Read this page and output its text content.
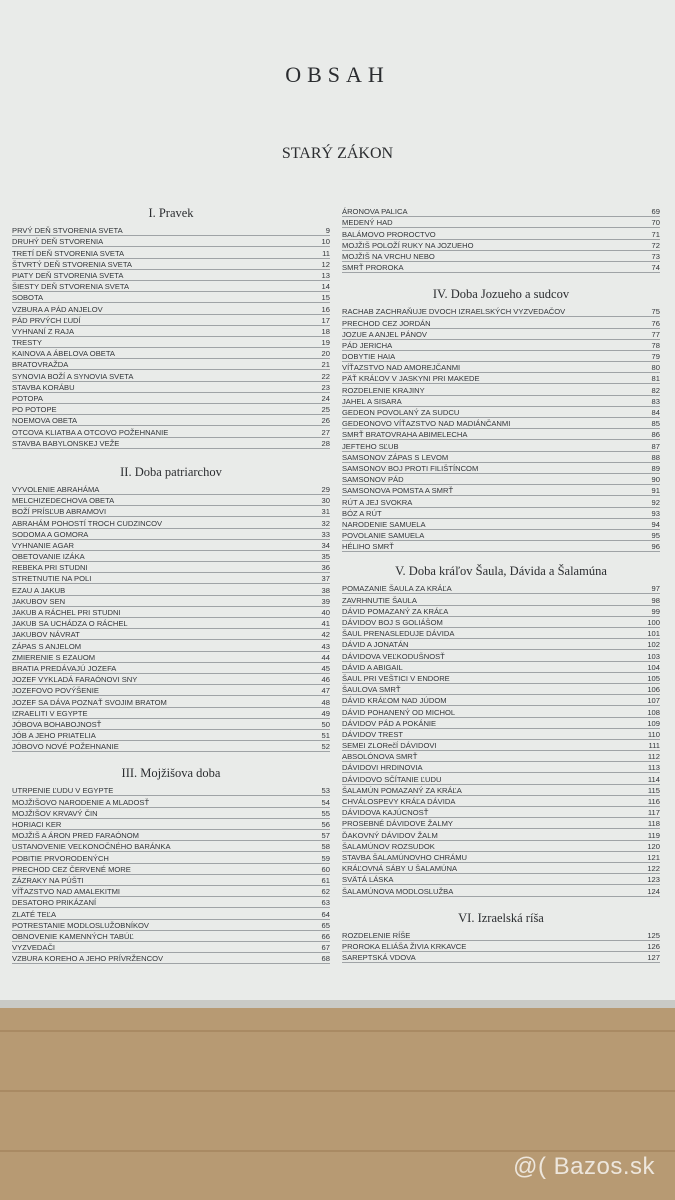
OBSAH
STARÝ ZÁKON
I. Pravek
PRVÝ DEŇ STVORENIA SVETA	9
DRUHÝ DEŇ STVORENIA	10
TRETÍ DEŇ STVORENIA SVETA	11
ŠTVRTÝ DEŇ STVORENIA SVETA	12
PIATY DEŇ STVORENIA SVETA	13
ŠIESTY DEŇ STVORENIA SVETA	14
SOBOTA	15
VZBURA A PÁD ANJELOV	16
PÁD PRVÝCH ĽUDÍ	17
VYHNANÍ Z RAJA	18
TRESTY	19
KAINOVA A ÁBELOVA OBETA	20
BRATOVRAŽDA	21
SYNOVIA BOŽÍ A SYNOVIA SVETA	22
STAVBA KORÁBU	23
POTOPA	24
PO POTOPE	25
NOEMOVA OBETA	26
OTCOVA KLIATBA A OTCOVO POŽEHNANIE	27
STAVBA BABYLONSKEJ VEŽE	28
II. Doba patriarchov
VYVOLENIE ABRAHÁMA	29
MELCHIZEDECHOVA OBETA	30
BOŽÍ PRÍSĽUB ABRAMOVI	31
ABRAHÁM POHOSTÍ TROCH CUDZINCOV	32
SODOMA A GOMORA	33
VYHNANIE AGAR	34
OBETOVANIE IZÁKA	35
REBEKA PRI STUDNI	36
STRETNUTIE NA POLI	37
EZAU A JAKUB	38
JAKUBOV SEN	39
JAKUB A RÁCHEL PRI STUDNI	40
JAKUB SA UCHÁDZA O RÁCHEL	41
JAKUBOV NÁVRAT	42
ZÁPAS S ANJELOM	43
ZMIERENIE S EZAUOM	44
BRATIA PREDÁVAJÚ JOZEFA	45
JOZEF VYKLADÁ FARAÓNOVI SNY	46
JOZEFOVO POVÝŠENIE	47
JOZEF SA DÁVA POZNAŤ SVOJIM BRATOM	48
IZRAELITI V EGYPTE	49
JÓBOVA BOHABOJNOSŤ	50
JÓB A JEHO PRIATELIA	51
JÓBOVO NOVÉ POŽEHNANIE	52
III. Mojžišova doba
UTRPENIE ĽUDU V EGYPTE	53
MOJŽIŠOVO NARODENIE A MLADOSŤ	54
MOJŽIŠOV KRVAVÝ ČIN	55
HORIACI KER	56
MOJŽIŠ A ÁRON PRED FARAÓNOM	57
USTANOVENIE VEĽKONOČNÉHO BARÁNKA	58
POBITIE PRVORODENÝCH	59
PRECHOD CEZ ČERVENÉ MORE	60
ZÁZRAKY NA PÚŠTI	61
VÍŤAZSTVO NAD AMALEKITMI	62
DESATORO PRIKÁZANÍ	63
ZLATÉ TEĽA	64
POTRESTANIE MODLOSLUŽOBNÍKOV	65
OBNOVENIE KAMENNÝCH TABÚĽ	66
VYZVEDAČI	67
VZBURA KOREHO A JEHO PRÍVRŽENCOV	68
ÁRONOVA PALICA	69
MEDENÝ HAD	70
BALÁMOVO PROROCTVO	71
MOJŽIŠ POLOŽÍ RUKY NA JOZUEHO	72
MOJŽIŠ NA VRCHU NEBO	73
SMRŤ PROROKA	74
IV. Doba Jozueho a sudcov
RACHAB ZACHRAŇUJE DVOCH IZRAELSKÝCH VYZVEDAČOV	75
PRECHOD CEZ JORDÁN	76
JOZUE A ANJEL PÁNOV	77
PÁD JERICHA	78
DOBYTIE HAIA	79
VÍŤAZSTVO NAD AMOREJČANMI	80
PÄŤ KRÁĽOV V JASKYNI PRI MAKEDE	81
ROZDELENIE KRAJINY	82
JAHEL A SISARA	83
GEDEON POVOLANÝ ZA SUDCU	84
GEDEONOVO VÍŤAZSTVO NAD MADIÁNČANMI	85
SMRŤ BRATOVRAHA ABIMELECHA	86
JEFTEHO SĽUB	87
SAMSONOV ZÁPAS S LEVOM	88
SAMSONOV BOJ PROTI FILIŠTÍNCOM	89
SAMSONOV PÁD	90
SAMSONOVA POMSTA A SMRŤ	91
RÚT A JEJ SVOKRA	92
BÓZ A RÚT	93
NARODENIE SAMUELA	94
POVOLANIE SAMUELA	95
HÉLIHO SMRŤ	96
V. Doba kráľov Šaula, Dávida a Šalamúna
POMAZANIE ŠAULA ZA KRÁĽA	97
ZAVRHNUTIE ŠAULA	98
DÁVID POMAZANÝ ZA KRÁĽA	99
DÁVIDOV BOJ S GOLIÁŠOM	100
ŠAUL PRENASLEDUJE DÁVIDA	101
DÁVID A JONATÁN	102
DÁVIDOVA VEĽKODUŠNOSŤ	103
DÁVID A ABIGAIL	104
ŠAUL PRI VEŠTICI V ENDORE	105
ŠAULOVA SMRŤ	106
DÁVID KRÁĽOM NAD JÚDOM	107
DÁVID POHANENÝ OD MICHOL	108
DÁVIDOV PÁD A POKÁNIE	109
DÁVIDOV TREST	110
SEMEI ZLORečÍ DÁVIDOVI	111
ABSOLÓNOVA SMRŤ	112
DÁVIDOVI HRDINOVIA	113
DÁVIDOVO SČÍTANIE ĽUDU	114
ŠALAMÚN POMAZANÝ ZA KRÁĽA	115
CHVÁLOSPEVY KRÁĽA DÁVIDA	116
DÁVIDOVA KAJÚCNOSŤ	117
PROSEBNÉ DÁVIDOVE ŽALMY	118
ĎAKOVNÝ DÁVIDOV ŽALM	119
ŠALAMÚNOV ROZSUDOK	120
STAVBA ŠALAMÚNOVHO CHRÁMU	121
KRÁĽOVNÁ SÁBY U ŠALAMÚNA	122
SVÄTÁ LÁSKA	123
ŠALAMÚNOVA MODLOSLUŽBA	124
VI. Izraelská ríša
ROZDELENIE RÍŠE	125
PROROKA ELIÁŠA ŽIVIA KRKAVCE	126
SAREPTSKÁ VDOVA	127
@( Bazos.sk
